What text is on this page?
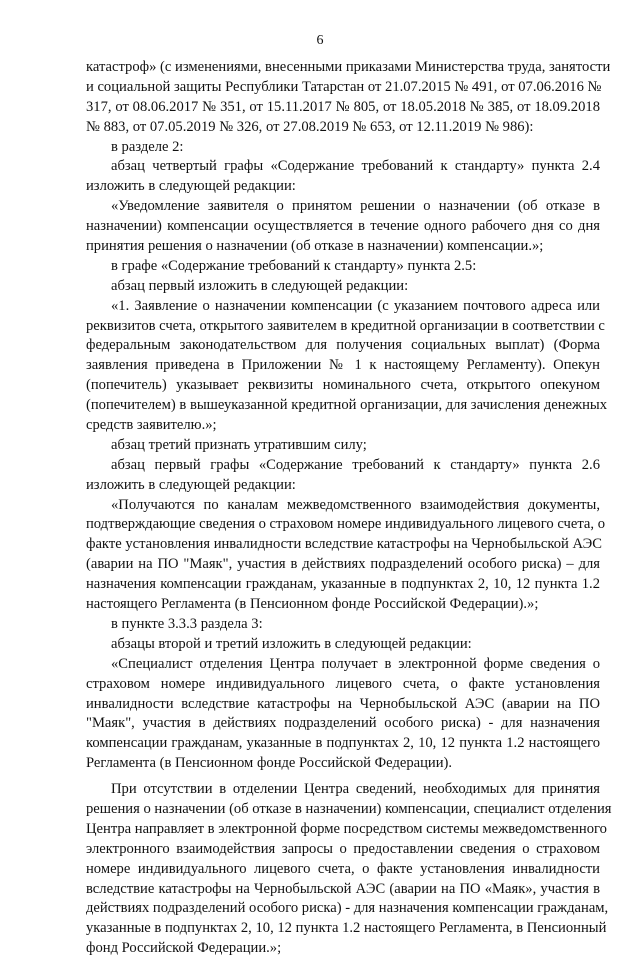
6
катастроф» (с изменениями, внесенными приказами Министерства труда, занятости
и социальной защиты Республики Татарстан от 21.07.2015 № 491, от 07.06.2016 №
317, от 08.06.2017 № 351, от 15.11.2017 № 805, от 18.05.2018 № 385, от 18.09.2018
№ 883, от 07.05.2019 № 326, от 27.08.2019 № 653, от 12.11.2019 № 986):
в разделе 2:
абзац четвертый графы «Содержание требований к стандарту» пункта 2.4
изложить в следующей редакции:
«Уведомление заявителя о принятом решении о назначении (об отказе в
назначении) компенсации осуществляется в течение одного рабочего дня со дня
принятия решения о назначении (об отказе в назначении) компенсации.»;
в графе «Содержание требований к стандарту» пункта 2.5:
абзац первый изложить в следующей редакции:
«1. Заявление о назначении компенсации (с указанием почтового адреса или
реквизитов счета, открытого заявителем в кредитной организации в соответствии с
федеральным законодательством для получения социальных выплат) (Форма
заявления приведена в Приложении № 1 к настоящему Регламенту). Опекун
(попечитель) указывает реквизиты номинального счета, открытого опекуном
(попечителем) в вышеуказанной кредитной организации, для зачисления денежных
средств заявителю.»;
абзац третий признать утратившим силу;
абзац первый графы «Содержание требований к стандарту» пункта 2.6
изложить в следующей редакции:
«Получаются по каналам межведомственного взаимодействия документы,
подтверждающие сведения о страховом номере индивидуального лицевого счета, о
факте установления инвалидности вследствие катастрофы на Чернобыльской АЭС
(аварии на ПО "Маяк", участия в действиях подразделений особого риска) – для
назначения компенсации гражданам, указанные в подпунктах 2, 10, 12 пункта 1.2
настоящего Регламента (в Пенсионном фонде Российской Федерации).»;
в пункте 3.3.3 раздела 3:
абзацы второй и третий изложить в следующей редакции:
«Специалист отделения Центра получает в электронной форме сведения о
страховом номере индивидуального лицевого счета, о факте установления
инвалидности вследствие катастрофы на Чернобыльской АЭС (аварии на ПО
"Маяк", участия в действиях подразделений особого риска) - для назначения
компенсации гражданам, указанные в подпунктах 2, 10, 12 пункта 1.2 настоящего
Регламента (в Пенсионном фонде Российской Федерации).
При отсутствии в отделении Центра сведений, необходимых для принятия
решения о назначении (об отказе в назначении) компенсации, специалист отделения
Центра направляет в электронной форме посредством системы межведомственного
электронного взаимодействия запросы о предоставлении сведения о страховом
номере индивидуального лицевого счета, о факте установления инвалидности
вследствие катастрофы на Чернобыльской АЭС (аварии на ПО «Маяк», участия в
действиях подразделений особого риска) - для назначения компенсации гражданам,
указанные в подпунктах 2, 10, 12 пункта 1.2 настоящего Регламента, в Пенсионный
фонд Российской Федерации.»;
